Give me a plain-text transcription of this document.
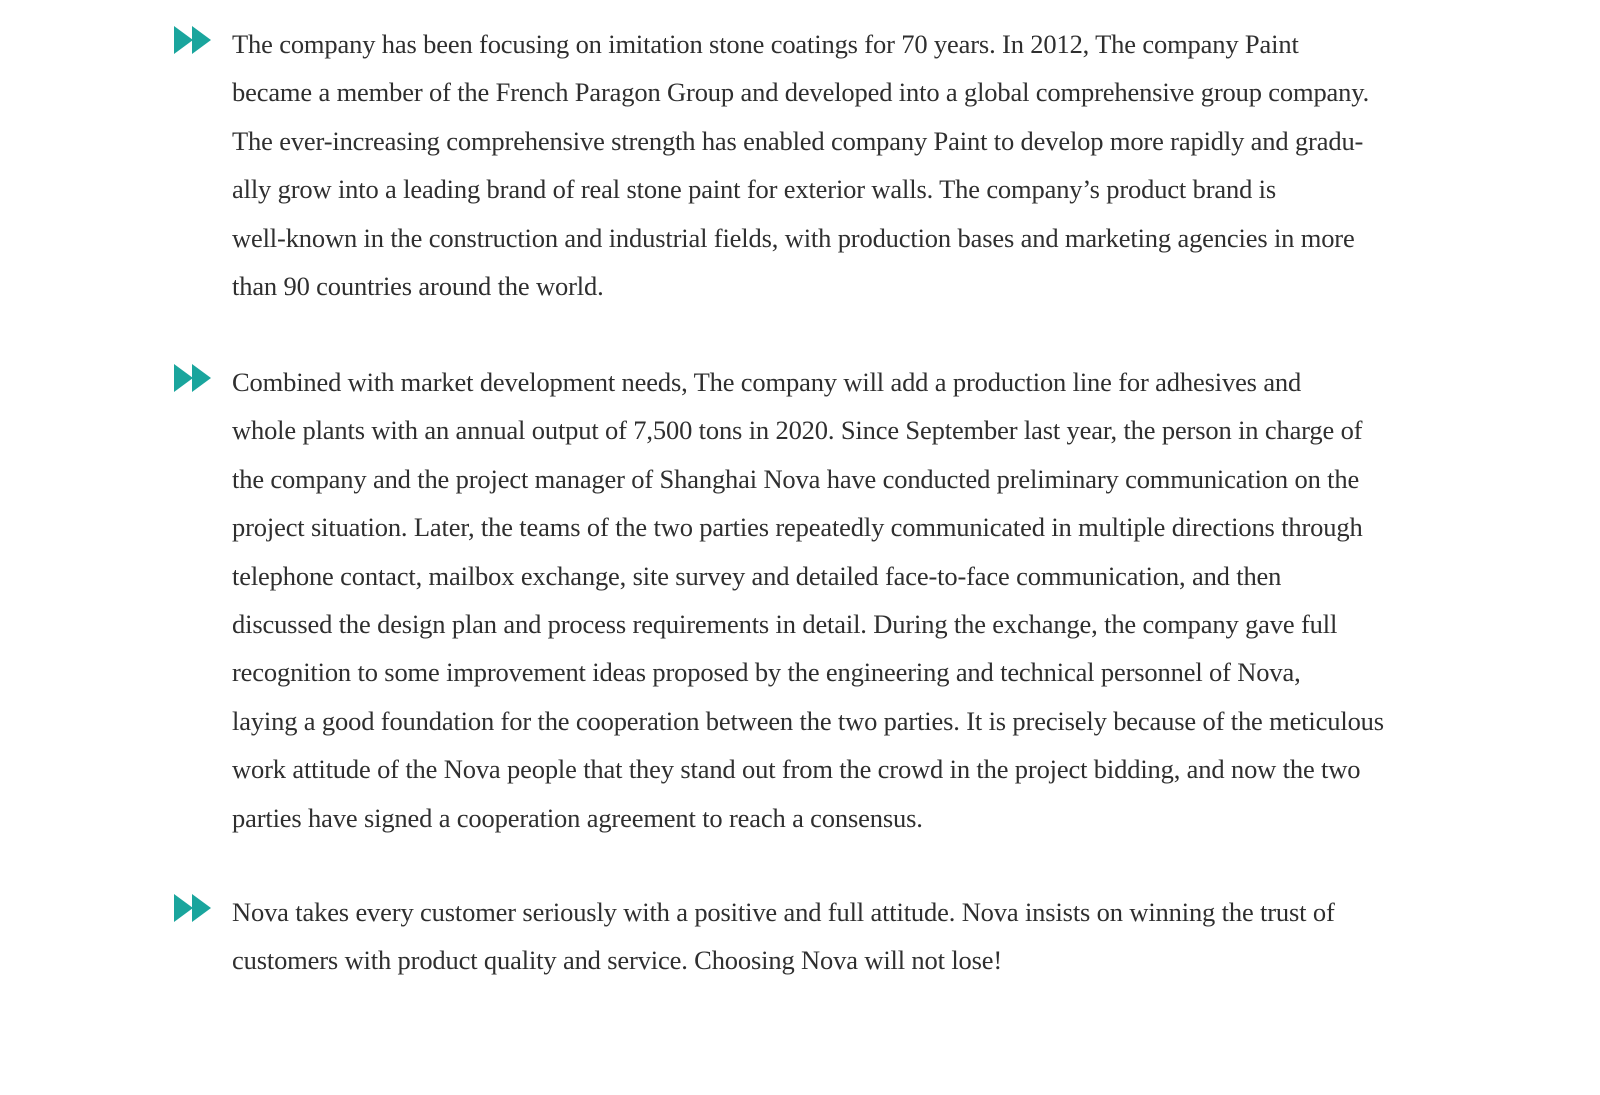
The company has been focusing on imitation stone coatings for 70 years. In 2012, The company Paint
became a member of the French Paragon Group and developed into a global comprehensive group company.
The ever-increasing comprehensive strength has enabled company Paint to develop more rapidly and gradu-
ally grow into a leading brand of real stone paint for exterior walls. The company’s product brand is
well-known in the construction and industrial fields, with production bases and marketing agencies in more
than 90 countries around the world.

Combined with market development needs, The company will add a production line for adhesives and
whole plants with an annual output of 7,500 tons in 2020. Since September last year, the person in charge of
the company and the project manager of Shanghai Nova have conducted preliminary communication on the
project situation. Later, the teams of the two parties repeatedly communicated in multiple directions through
telephone contact, mailbox exchange, site survey and detailed face-to-face communication, and then
discussed the design plan and process requirements in detail. During the exchange, the company gave full
recognition to some improvement ideas proposed by the engineering and technical personnel of Nova,
laying a good foundation for the cooperation between the two parties. It is precisely because of the meticulous
work attitude of the Nova people that they stand out from the crowd in the project bidding, and now the two
parties have signed a cooperation agreement to reach a consensus.

Nova takes every customer seriously with a positive and full attitude. Nova insists on winning the trust of
customers with product quality and service. Choosing Nova will not lose!
